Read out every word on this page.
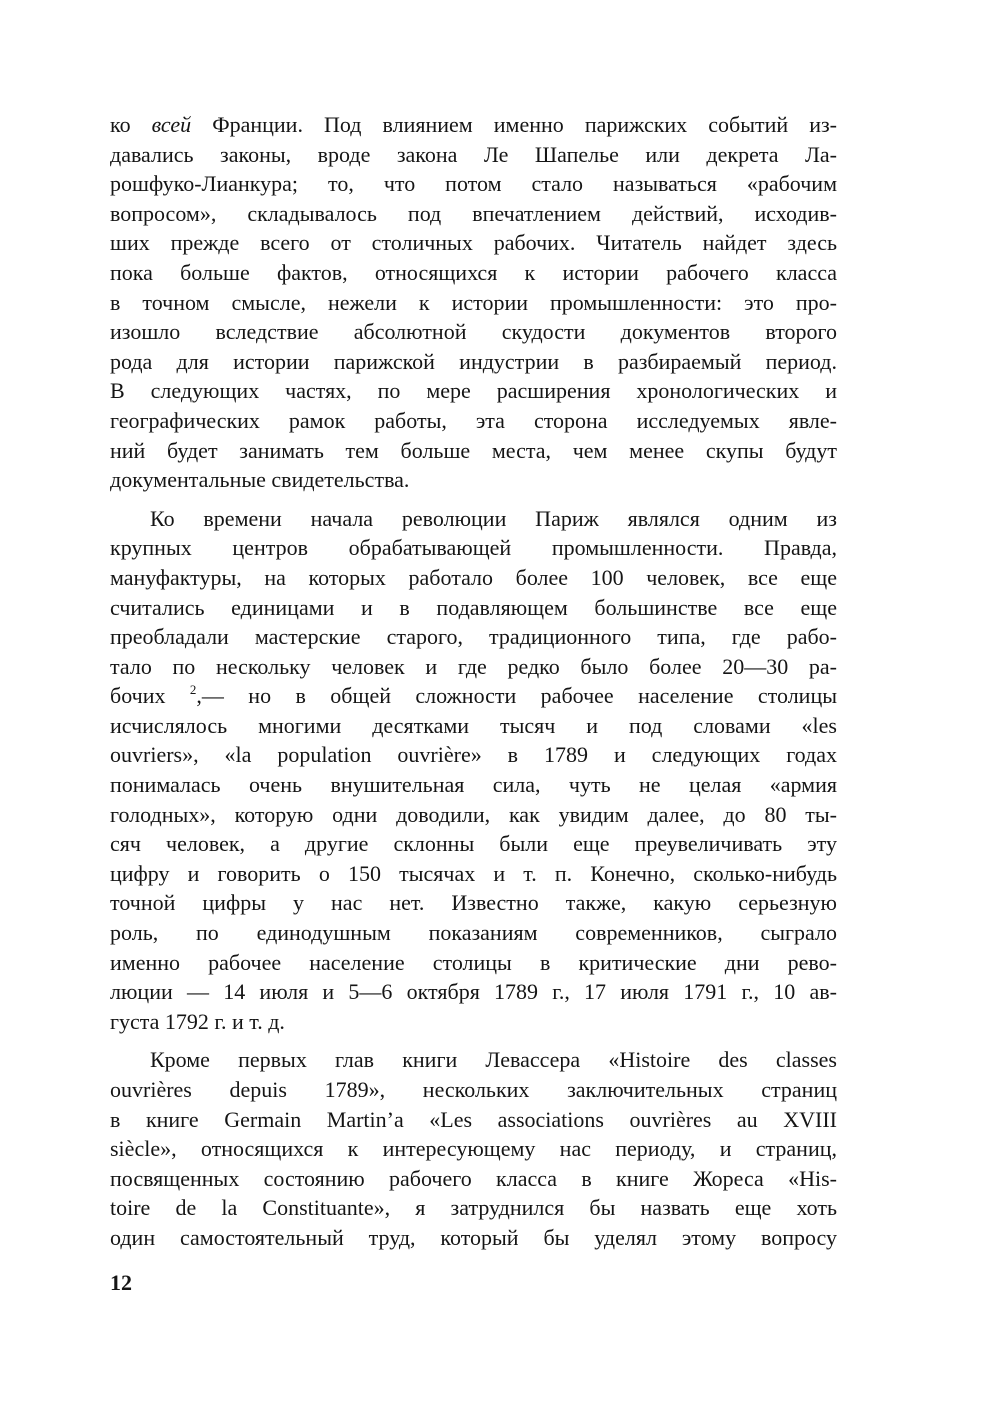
ко всей Франции. Под влиянием именно парижских событий из-
давались законы, вроде закона Ле Шапелье или декрета Ла-
рошфуко-Лианкура; то, что потом стало называться «рабочим
вопросом», складывалось под впечатлением действий, исходив-
ших прежде всего от столичных рабочих. Читатель найдет здесь
пока больше фактов, относящихся к истории рабочего класса
в точном смысле, нежели к истории промышленности: это про-
изошло вследствие абсолютной скудости документов второго
рода для истории парижской индустрии в разбираемый период.
В следующих частях, по мере расширения хронологических и
географических рамок работы, эта сторона исследуемых явле-
ний будет занимать тем больше места, чем менее скупы будут
документальные свидетельства.
Ко времени начала революции Париж являлся одним из
крупных центров обрабатывающей промышленности. Правда,
мануфактуры, на которых работало более 100 человек, все еще
считались единицами и в подавляющем большинстве все еще
преобладали мастерские старого, традиционного типа, где рабо-
тало по нескольку человек и где редко было более 20—30 ра-
бочих $^2$,— но в общей сложности рабочее население столицы
исчислялось многими десятками тысяч и под словами «les
ouvriers», «la population ouvrière» в 1789 и следующих годах
понималась очень внушительная сила, чуть не целая «армия
голодных», которую одни доводили, как увидим далее, до 80 ты-
сяч человек, а другие склонны были еще преувеличивать эту
цифру и говорить о 150 тысячах и т. п. Конечно, сколько-нибудь
точной цифры у нас нет. Известно также, какую серьезную
роль, по единодушным показаниям современников, сыграло
именно рабочее население столицы в критические дни рево-
люции — 14 июля и 5—6 октября 1789 г., 17 июля 1791 г., 10 ав-
густа 1792 г. и т. д.
Кроме первых глав книги Левассера «Histoire des classes
ouvrières depuis 1789», нескольких заключительных страниц
в книге Germain Martin’a «Les associations ouvrières au XVIII
siècle», относящихся к интересующему нас периоду, и страниц,
посвященных состоянию рабочего класса в книге Жореса «His-
toire de la Constituante», я затруднился бы назвать еще хоть
один самостоятельный труд, который бы уделял этому вопросу
12
